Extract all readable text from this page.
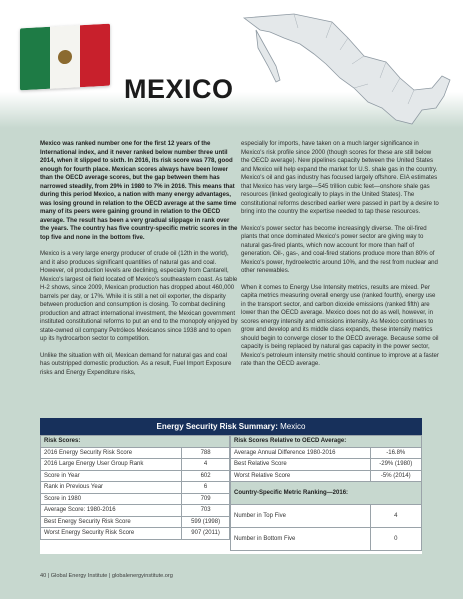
MEXICO

Mexico was ranked number one for the first 12 years of the International index, and it never ranked below number three until 2014, when it slipped to sixth. In 2016, its risk score was 778, good enough for fourth place. Mexican scores always have been lower than the OECD average scores, but the gap between them has narrowed steadily, from 29% in 1980 to 7% in 2016. This means that during this period Mexico, a nation with many energy advantages, was losing ground in relation to the OECD average at the same time many of its peers were gaining ground in relation to the OECD average. The result has been a very gradual slippage in rank over the years. The country has five country-specific metric scores in the top five and none in the bottom five.

Mexico is a very large energy producer of crude oil (12th in the world), and it also produces significant quantities of natural gas and coal. However, oil production levels are declining, especially from Cantarell, Mexico's largest oil field located off Mexico's southeastern coast. As table H-2 shows, since 2009, Mexican production has dropped about 460,000 barrels per day, or 17%. While it is still a net oil exporter, the disparity between production and consumption is closing. To combat declining production and attract international investment, the Mexican government instituted constitutional reforms to put an end to the monopoly enjoyed by state-owned oil company Petróleos Mexicanos since 1938 and to open up its hydrocarbon sector to competition.

Unlike the situation with oil, Mexican demand for natural gas and coal has outstripped domestic production. As a result, Fuel Import Exposure risks and Energy Expenditure risks,

especially for imports, have taken on a much larger significance in Mexico's risk profile since 2000 (though scores for these are still below the OECD average). New pipelines capacity between the United States and Mexico will help expand the market for U.S. shale gas in the country. Mexico's oil and gas industry has focused largely offshore. EIA estimates that Mexico has very large—545 trillion cubic feet—onshore shale gas resources (linked geologically to plays in the United States). The constitutional reforms described earlier were passed in part by a desire to bring into the country the expertise needed to tap these resources.

Mexico's power sector has become increasingly diverse. The oil-fired plants that once dominated Mexico's power sector are giving way to natural gas-fired plants, which now account for more than half of generation. Oil-, gas-, and coal-fired stations produce more than 80% of Mexico's power, hydroelectric around 10%, and the rest from nuclear and other renewables.

When it comes to Energy Use Intensity metrics, results are mixed. Per capita metrics measuring overall energy use (ranked fourth), energy use in the transport sector, and carbon dioxide emissions (ranked fifth) are lower than the OECD average. Mexico does not do as well, however, in scores energy intensity and emissions intensity. As Mexico continues to grow and develop and its middle class expands, these intensity metrics should begin to converge closer to the OECD average. Because some oil capacity is being replaced by natural gas capacity in the power sector, Mexico's petroleum intensity metric should continue to improve at a faster rate than the OECD average.

Energy Security Risk Summary: Mexico
Risk Scores:	
2016 Energy Security Risk Score	788
2016 Large Energy User Group Rank	4
Score in Year	602
Rank in Previous Year	6
Score in 1980	709
Average Score: 1980-2016	703
Best Energy Security Risk Score	599 (1998)
Worst Energy Security Risk Score	907 (2011)
Risk Scores Relative to OECD Average:	
Average Annual Difference 1980-2016	-16.8%
Best Relative Score	-29% (1980)
Worst Relative Score	-5% (2014)
Country-Specific Metric Ranking—2016:	
Number in Top Five	4
Number in Bottom Five	0
40 | Global Energy Institute | globalenergyinstitute.org
